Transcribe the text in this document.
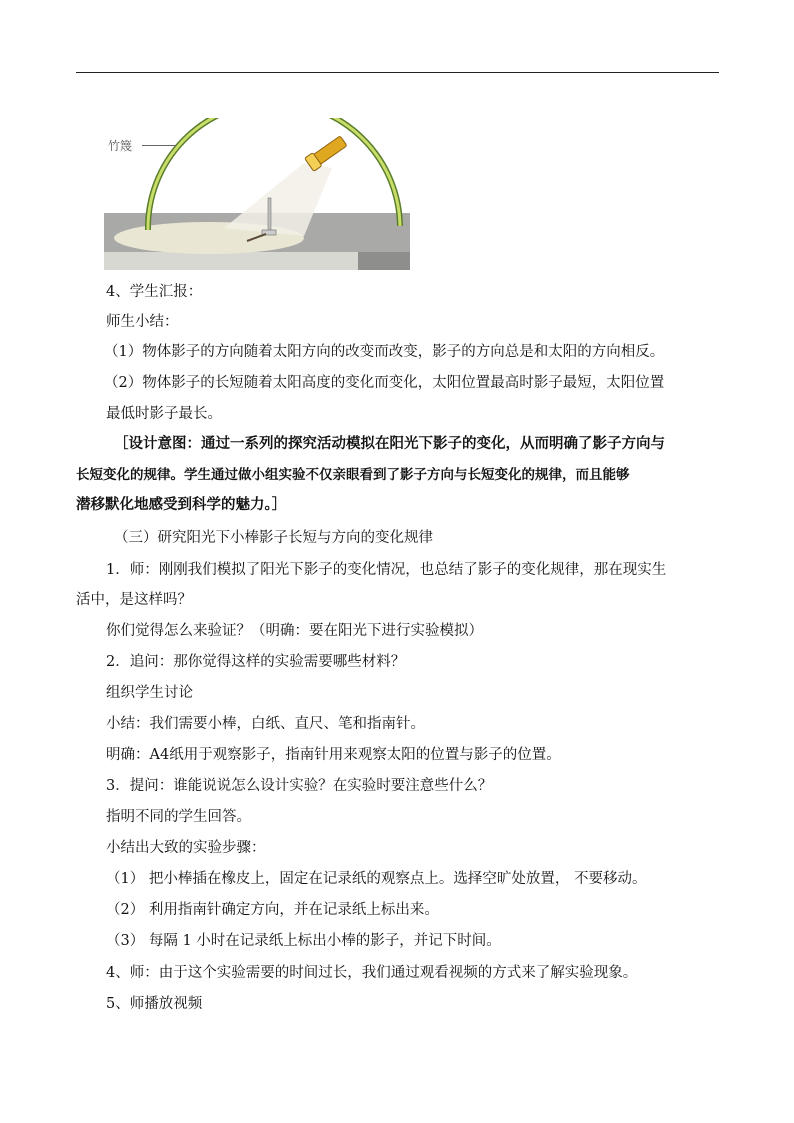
竹篾
4、学生汇报：
师生小结：
（1）物体影子的方向随着太阳方向的改变而改变，影子的方向总是和太阳的方向相反。
（2）物体影子的长短随着太阳高度的变化而变化，太阳位置最高时影子最短，太阳位置
最低时影子最长。
［设计意图：通过一系列的探究活动模拟在阳光下影子的变化，从而明确了影子方向与
长短变化的规律。学生通过做小组实验不仅亲眼看到了影子方向与长短变化的规律，而且能够
潜移默化地感受到科学的魅力。］
（三）研究阳光下小棒影子长短与方向的变化规律
1．师：刚刚我们模拟了阳光下影子的变化情况，也总结了影子的变化规律，那在现实生
活中，是这样吗？
你们觉得怎么来验证？（明确：要在阳光下进行实验模拟）
2．追问：那你觉得这样的实验需要哪些材料？
组织学生讨论
小结：我们需要小棒，白纸、直尺、笔和指南针。
明确：A4纸用于观察影子，指南针用来观察太阳的位置与影子的位置。
3．提问：谁能说说怎么设计实验？在实验时要注意些什么？
指明不同的学生回答。
小结出大致的实验步骤：
（1） 把小棒插在橡皮上，固定在记录纸的观察点上。选择空旷处放置， 不要移动。
（2） 利用指南针确定方向，并在记录纸上标出来。
（3） 每隔 1 小时在记录纸上标出小棒的影子，并记下时间。
4、师：由于这个实验需要的时间过长，我们通过观看视频的方式来了解实验现象。
5、师播放视频
